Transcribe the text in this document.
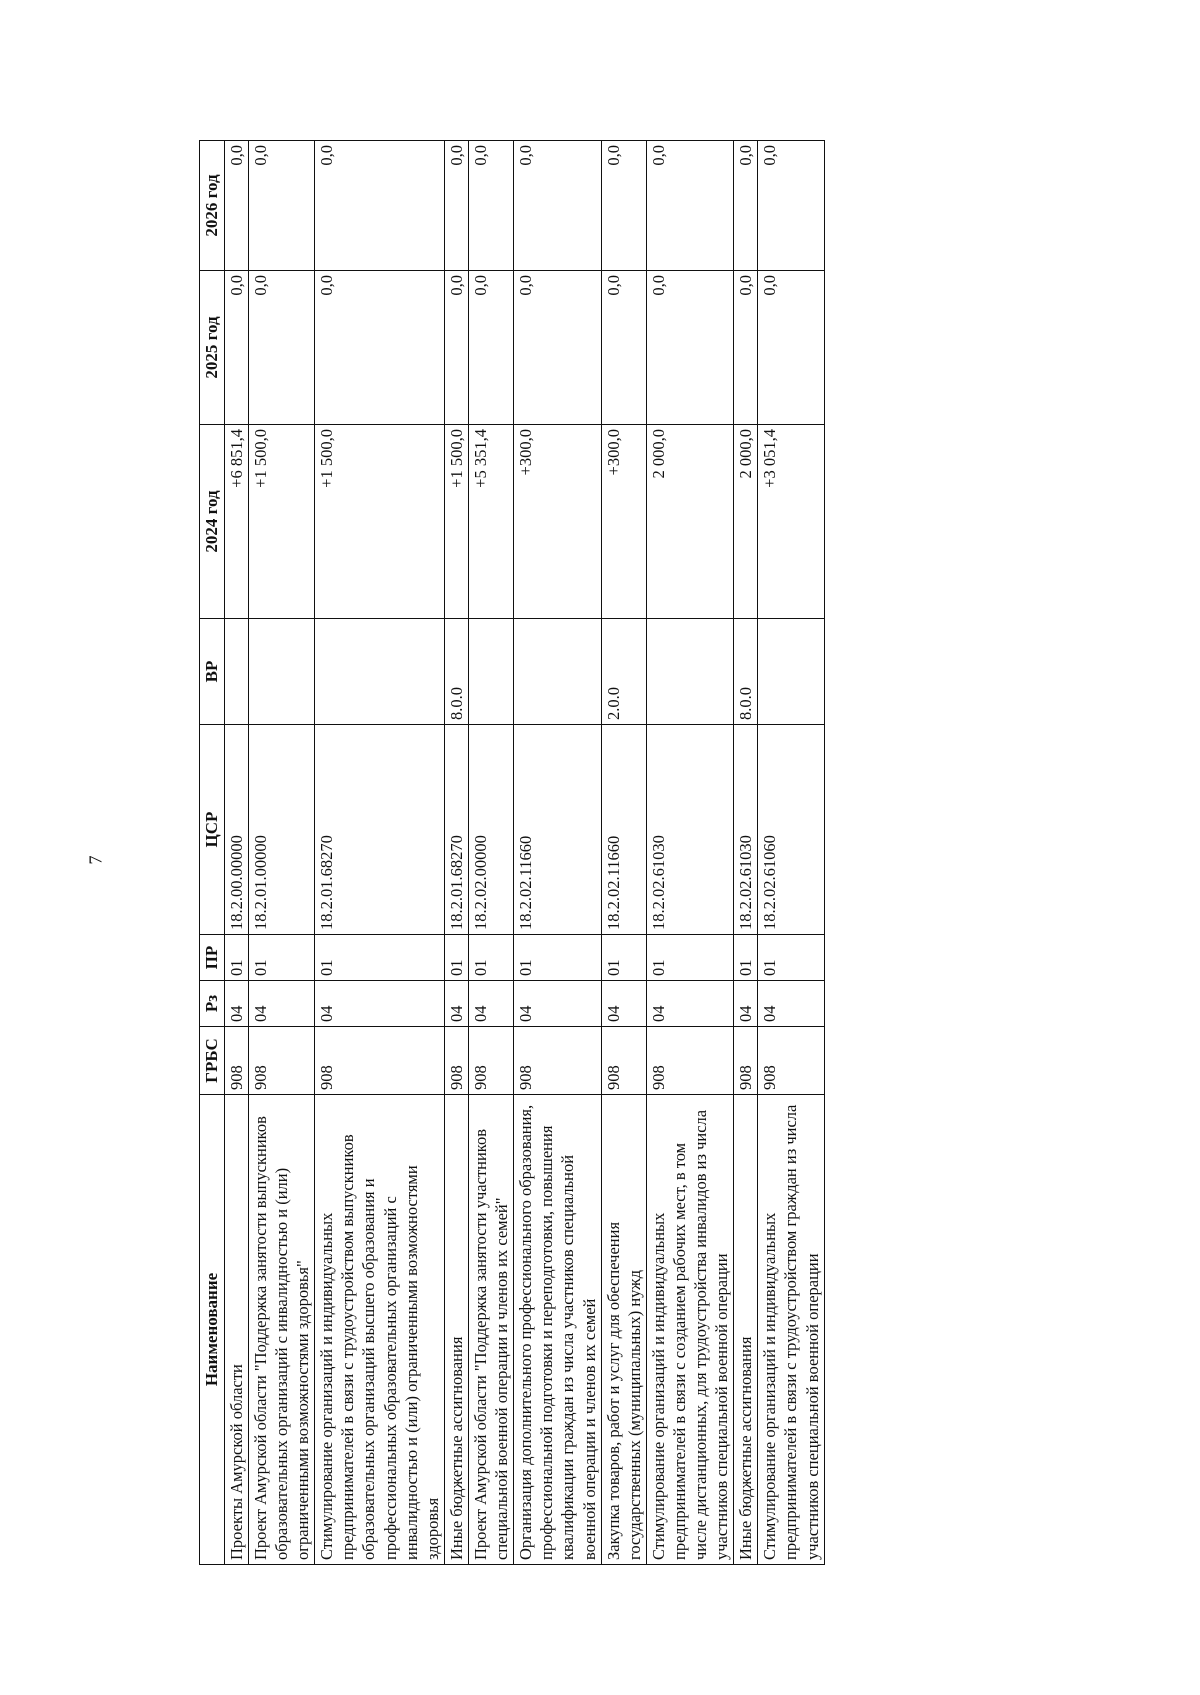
7
Наименование	ГРБС	Рз	ПР	ЦСР	ВР	2024 год	2025 год	2026 год
Проекты Амурской области	908	04	01	18.2.00.00000		+6 851,4	0,0	0,0
Проект Амурской области "Поддержка занятости выпускников образовательных организаций с инвалидностью и (или) ограниченными возможностями здоровья"	908	04	01	18.2.01.00000		+1 500,0	0,0	0,0
Стимулирование организаций и индивидуальных предпринимателей в связи с трудоустройством выпускников образовательных организаций высшего образования и профессиональных образовательных организаций с инвалидностью и (или) ограниченными возможностями здоровья	908	04	01	18.2.01.68270		+1 500,0	0,0	0,0
Иные бюджетные ассигнования	908	04	01	18.2.01.68270	8.0.0	+1 500,0	0,0	0,0
Проект Амурской области "Поддержка занятости участников специальной военной операции и членов их семей"	908	04	01	18.2.02.00000		+5 351,4	0,0	0,0
Организация дополнительного профессионального образования, профессиональной подготовки и переподготовки, повышения квалификации граждан из числа участников специальной военной операции и членов их семей	908	04	01	18.2.02.11660		+300,0	0,0	0,0
Закупка товаров, работ и услуг для обеспечения государственных (муниципальных) нужд	908	04	01	18.2.02.11660	2.0.0	+300,0	0,0	0,0
Стимулирование организаций и индивидуальных предпринимателей в связи с созданием рабочих мест, в том числе дистанционных, для трудоустройства инвалидов из числа участников специальной военной операции	908	04	01	18.2.02.61030		2 000,0	0,0	0,0
Иные бюджетные ассигнования	908	04	01	18.2.02.61030	8.0.0	2 000,0	0,0	0,0
Стимулирование организаций и индивидуальных предпринимателей в связи с трудоустройством граждан из числа участников специальной военной операции	908	04	01	18.2.02.61060		+3 051,4	0,0	0,0
